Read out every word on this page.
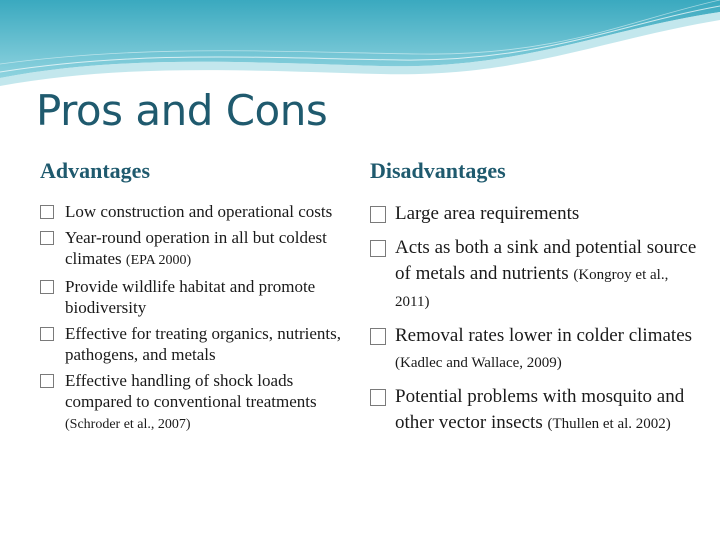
Pros and Cons
Advantages
Low construction and operational costs
Year-round operation in all but coldest climates (EPA 2000)
Provide wildlife habitat and promote biodiversity
Effective for treating organics, nutrients, pathogens, and metals
Effective handling of shock loads compared to conventional treatments (Schroder et al., 2007)
Disadvantages
Large area requirements
Acts as both a sink and potential source of metals and nutrients (Kongroy et al., 2011)
Removal rates lower in colder climates (Kadlec and Wallace, 2009)
Potential problems with mosquito and other vector insects (Thullen et al. 2002)
